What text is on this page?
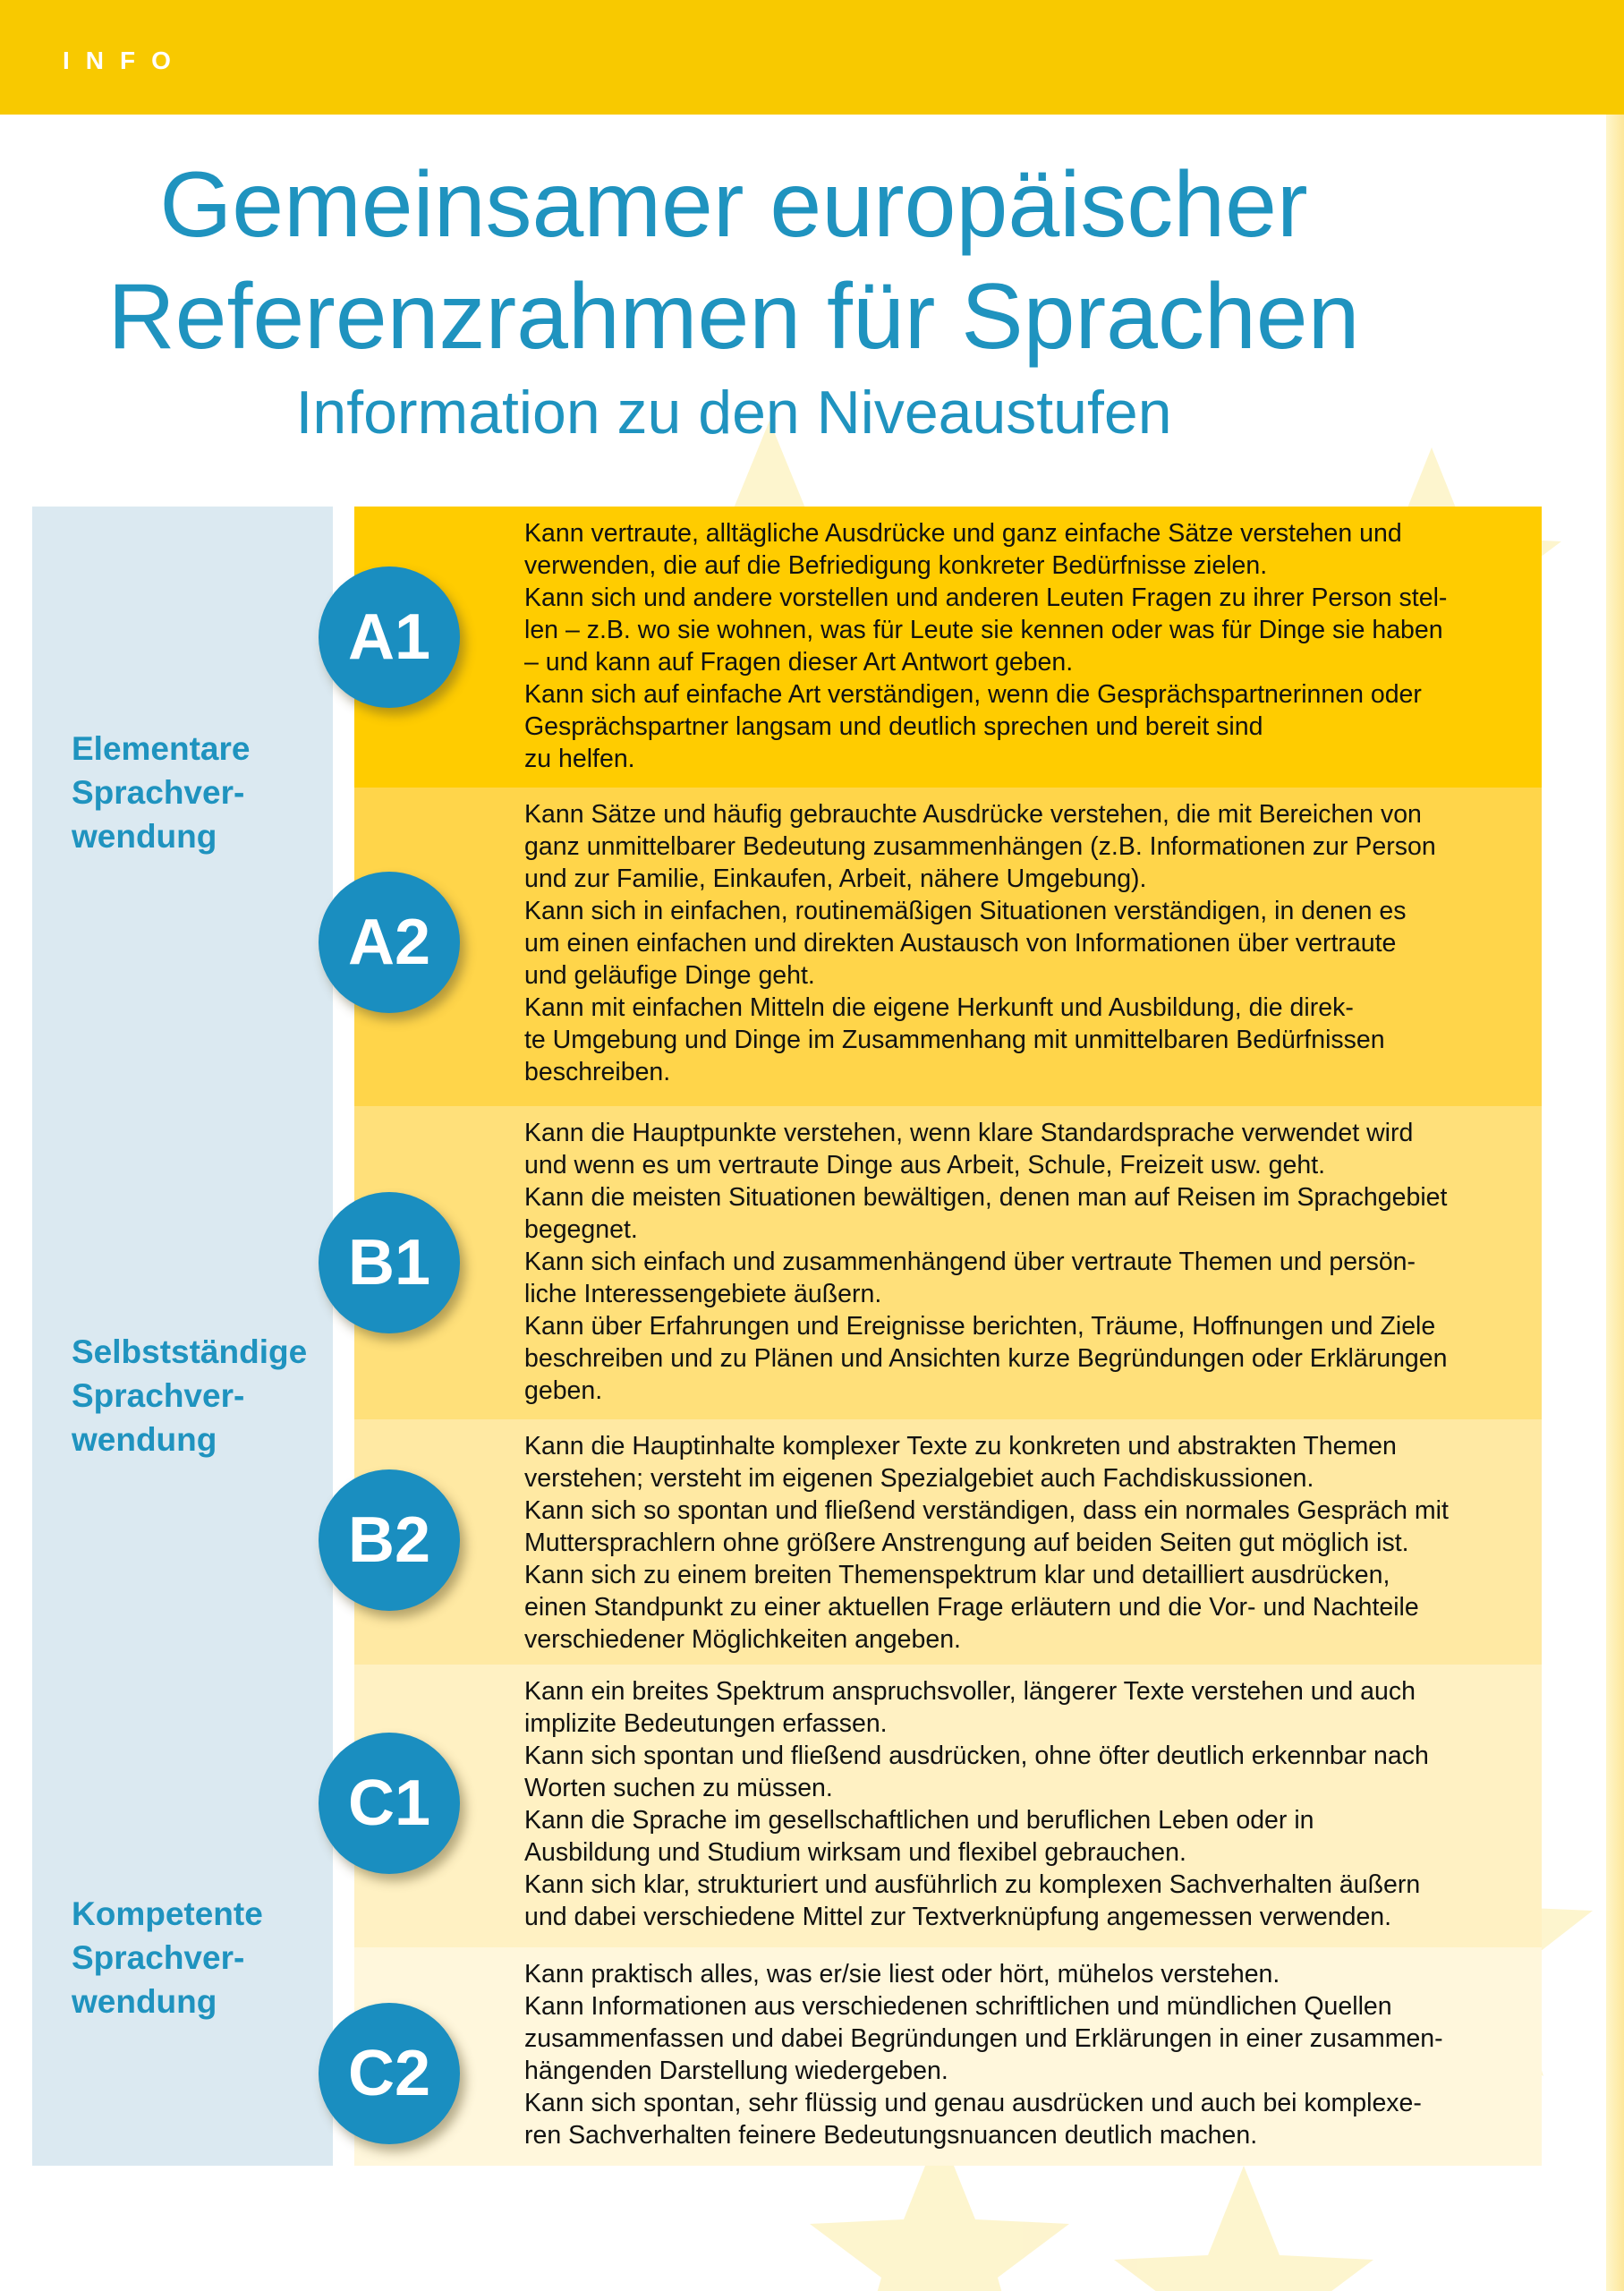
INFO
Gemeinsamer europäischer
Referenzrahmen für Sprachen
Information zu den Niveaustufen
Elementare
Sprachver-
wendung
Selbstständige
Sprachver-
wendung
Kompetente
Sprachver-
wendung
A1
Kann vertraute, alltägliche Ausdrücke und ganz einfache Sätze verstehen und
verwenden, die auf die Befriedigung konkreter Bedürfnisse zielen.
Kann sich und andere vorstellen und anderen Leuten Fragen zu ihrer Person stel-
len – z.B. wo sie wohnen, was für Leute sie kennen oder was für Dinge sie haben
– und kann auf Fragen dieser Art Antwort geben.
Kann sich auf einfache Art verständigen, wenn die Gesprächspartnerinnen oder
Gesprächspartner langsam und deutlich sprechen und bereit sind
zu helfen.
A2
Kann Sätze und häufig gebrauchte Ausdrücke verstehen, die mit Bereichen von
ganz unmittelbarer Bedeutung zusammenhängen (z.B. Informationen zur Person
und zur Familie, Einkaufen, Arbeit, nähere Umgebung).
Kann sich in einfachen, routinemäßigen Situationen verständigen, in denen es
um einen einfachen und direkten Austausch von Informationen über vertraute
und geläufige Dinge geht.
Kann mit einfachen Mitteln die eigene Herkunft und Ausbildung, die direk-
te Umgebung und Dinge im Zusammenhang mit unmittelbaren Bedürfnissen
beschreiben.
B1
Kann die Hauptpunkte verstehen, wenn klare Standardsprache verwendet wird
und wenn es um vertraute Dinge aus Arbeit, Schule, Freizeit usw. geht.
Kann die meisten Situationen bewältigen, denen man auf Reisen im Sprachgebiet
begegnet.
Kann sich einfach und zusammenhängend über vertraute Themen und persön-
liche Interessengebiete äußern.
Kann über Erfahrungen und Ereignisse berichten, Träume, Hoffnungen und Ziele
beschreiben und zu Plänen und Ansichten kurze Begründungen oder Erklärungen
geben.
B2
Kann die Hauptinhalte komplexer Texte zu konkreten und abstrakten Themen
verstehen; versteht im eigenen Spezialgebiet auch Fachdiskussionen.
Kann sich so spontan und fließend verständigen, dass ein normales Gespräch mit
Muttersprachlern ohne größere Anstrengung auf beiden Seiten gut möglich ist.
Kann sich zu einem breiten Themenspektrum klar und detailliert ausdrücken,
einen Standpunkt zu einer aktuellen Frage erläutern und die Vor- und Nachteile
verschiedener Möglichkeiten angeben.
C1
Kann ein breites Spektrum anspruchsvoller, längerer Texte verstehen und auch
implizite Bedeutungen erfassen.
Kann sich spontan und fließend ausdrücken, ohne öfter deutlich erkennbar nach
Worten suchen zu müssen.
Kann die Sprache im gesellschaftlichen und beruflichen Leben oder in
Ausbildung und Studium wirksam und flexibel gebrauchen.
Kann sich klar, strukturiert und ausführlich zu komplexen Sachverhalten äußern
und dabei verschiedene Mittel zur Textverknüpfung angemessen verwenden.
C2
Kann praktisch alles, was er/sie liest oder hört, mühelos verstehen.
Kann Informationen aus verschiedenen schriftlichen und mündlichen Quellen
zusammenfassen und dabei Begründungen und Erklärungen in einer zusammen-
hängenden Darstellung wiedergeben.
Kann sich spontan, sehr flüssig und genau ausdrücken und auch bei komplexe-
ren Sachverhalten feinere Bedeutungsnuancen deutlich machen.
